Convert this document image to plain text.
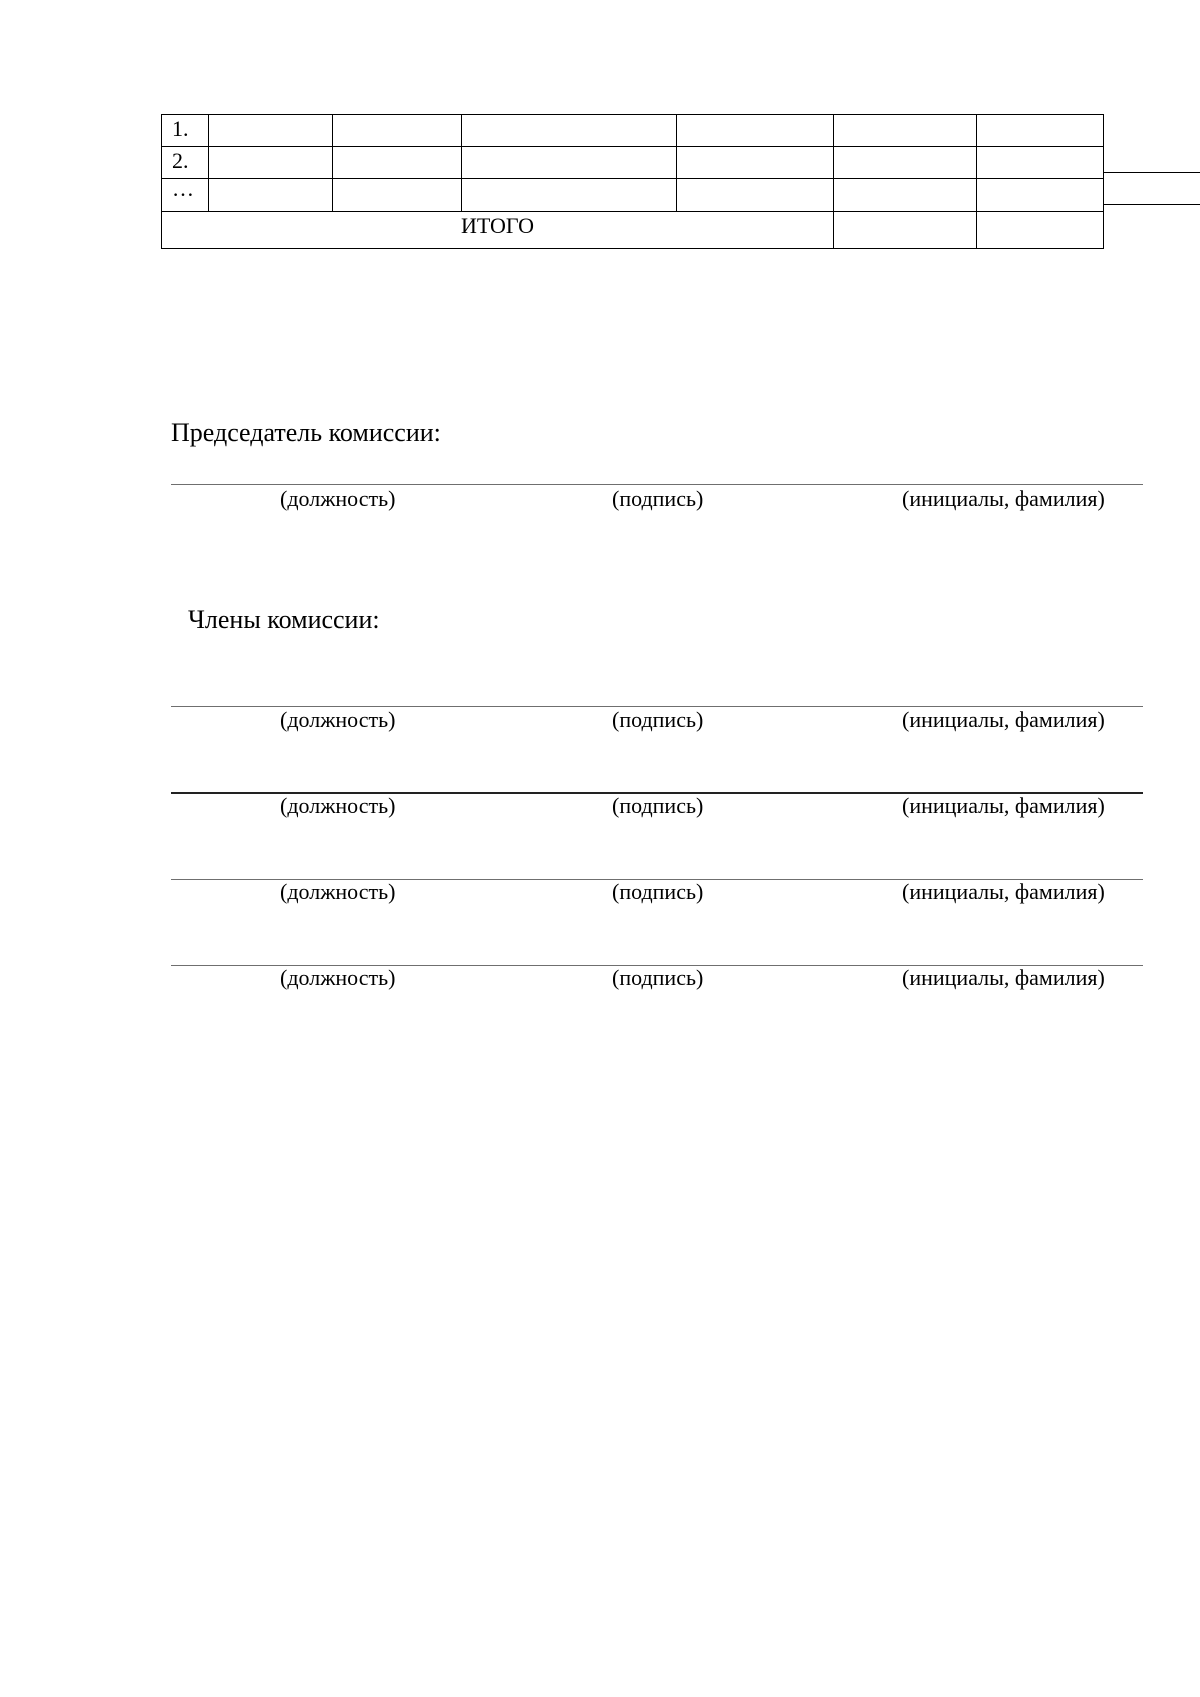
1.						
2.						
…						
ИТОГО						
Председатель комиссии:
(должность)	(подпись)	(инициалы, фамилия)
Члены комиссии:
(должность)	(подпись)	(инициалы, фамилия)
(должность)	(подпись)	(инициалы, фамилия)
(должность)	(подпись)	(инициалы, фамилия)
(должность)	(подпись)	(инициалы, фамилия)
